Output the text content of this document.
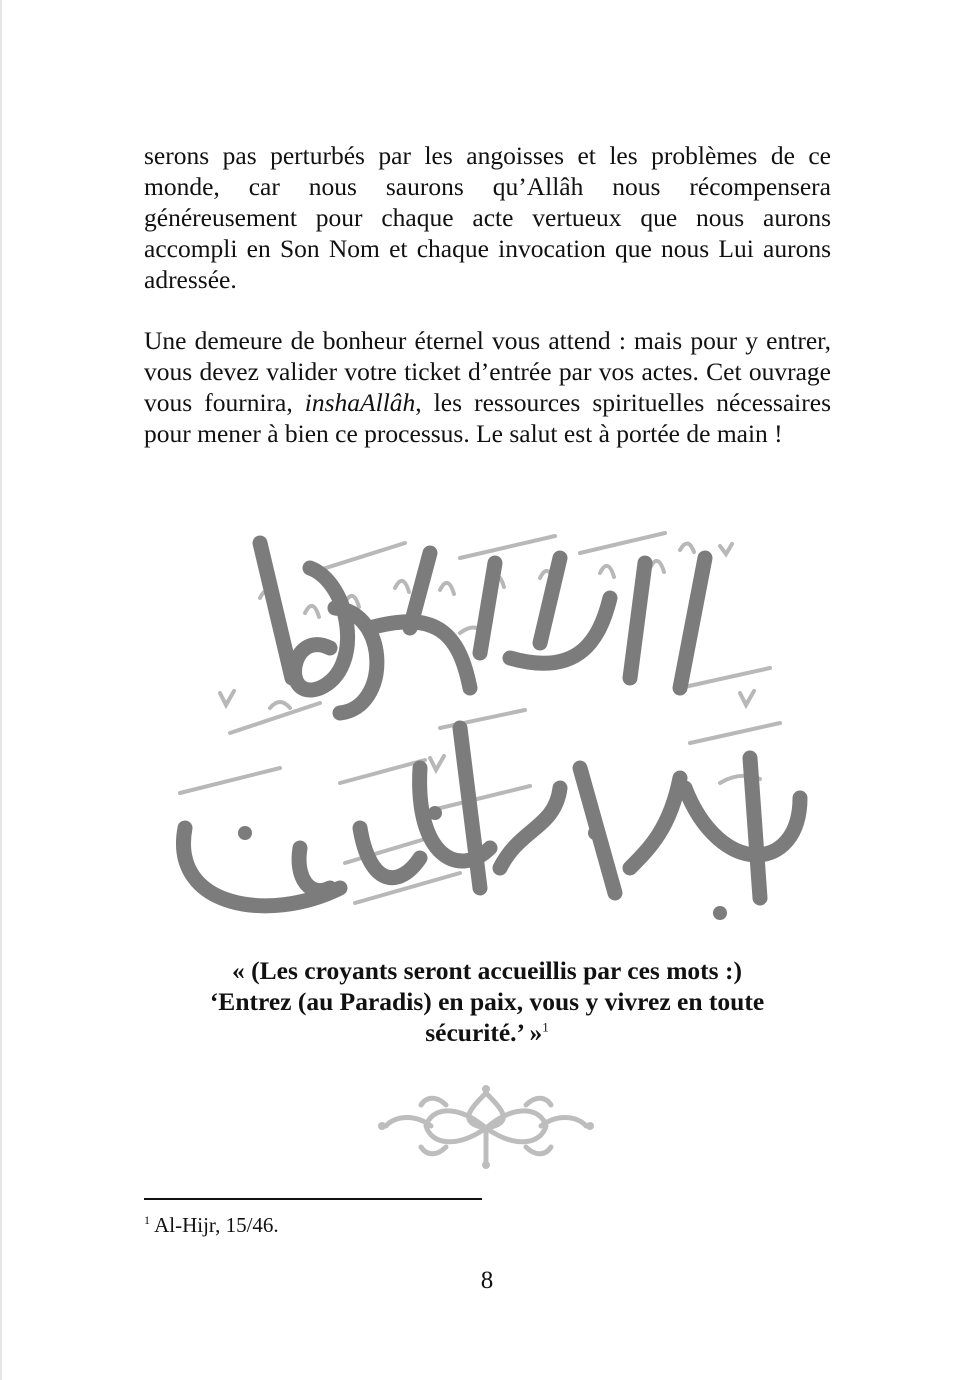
serons pas perturbés par les angoisses et les problèmes de ce monde, car nous saurons qu’Allâh nous récompensera généreusement pour chaque acte vertueux que nous aurons accompli en Son Nom et chaque invocation que nous Lui aurons adressée.

Une demeure de bonheur éternel vous attend : mais pour y entrer, vous devez valider votre ticket d’entrée par vos actes. Cet ouvrage vous fournira, inshaAllâh, les ressources spirituelles nécessaires pour mener à bien ce processus. Le salut est à portée de main !

« (Les croyants seront accueillis par ces mots :)
‘Entrez (au Paradis) en paix, vous y vivrez en toute
sécurité.’ »$^1$
$^1$ Al-Hijr, 15/46.
8
